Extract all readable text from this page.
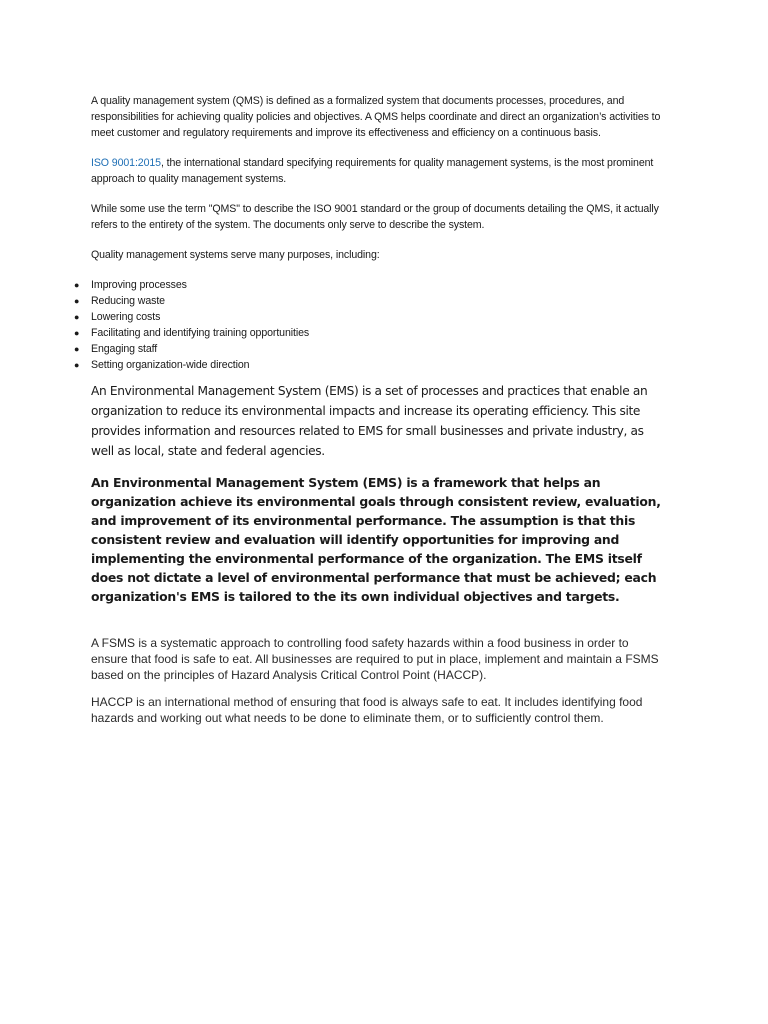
A quality management system (QMS) is defined as a formalized system that documents processes, procedures, and responsibilities for achieving quality policies and objectives. A QMS helps coordinate and direct an organization’s activities to meet customer and regulatory requirements and improve its effectiveness and efficiency on a continuous basis.

ISO 9001:2015, the international standard specifying requirements for quality management systems, is the most prominent approach to quality management systems.

While some use the term "QMS" to describe the ISO 9001 standard or the group of documents detailing the QMS, it actually refers to the entirety of the system. The documents only serve to describe the system.

Quality management systems serve many purposes, including:

● Improving processes
● Reducing waste
● Lowering costs
● Facilitating and identifying training opportunities
● Engaging staff
● Setting organization-wide direction

An Environmental Management System (EMS) is a set of processes and practices that enable an organization to reduce its environmental impacts and increase its operating efficiency. This site provides information and resources related to EMS for small businesses and private industry, as well as local, state and federal agencies.

An Environmental Management System (EMS) is a framework that helps an organization achieve its environmental goals through consistent review, evaluation, and improvement of its environmental performance. The assumption is that this consistent review and evaluation will identify opportunities for improving and implementing the environmental performance of the organization. The EMS itself does not dictate a level of environmental performance that must be achieved; each organization's EMS is tailored to the its own individual objectives and targets.

A FSMS is a systematic approach to controlling food safety hazards within a food business in order to ensure that food is safe to eat. All businesses are required to put in place, implement and maintain a FSMS based on the principles of Hazard Analysis Critical Control Point (HACCP).

HACCP is an international method of ensuring that food is always safe to eat. It includes identifying food hazards and working out what needs to be done to eliminate them, or to sufficiently control them.
